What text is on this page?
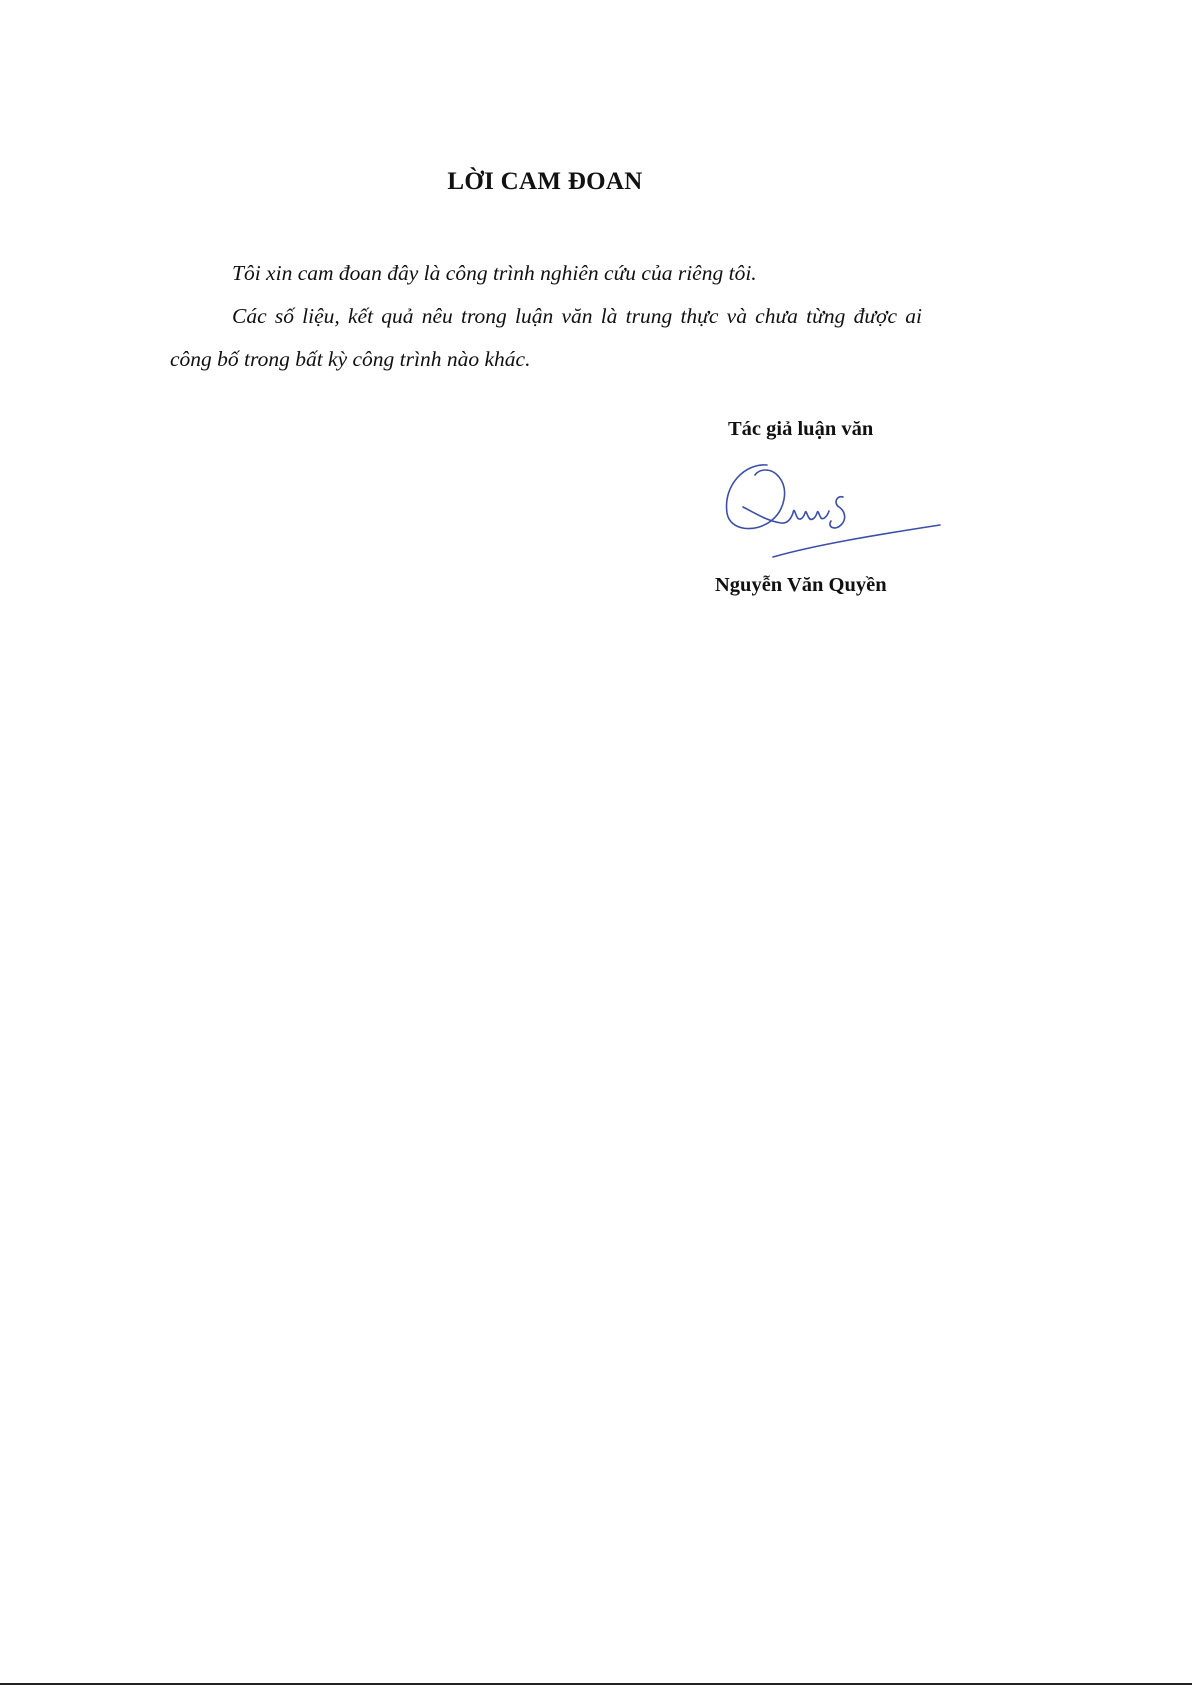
LỜI CAM ĐOAN

Tôi xin cam đoan đây là công trình nghiên cứu của riêng tôi.

Các số liệu, kết quả nêu trong luận văn là trung thực và chưa từng được ai công bố trong bất kỳ công trình nào khác.

Tác giả luận văn
Nguyễn Văn Quyền
